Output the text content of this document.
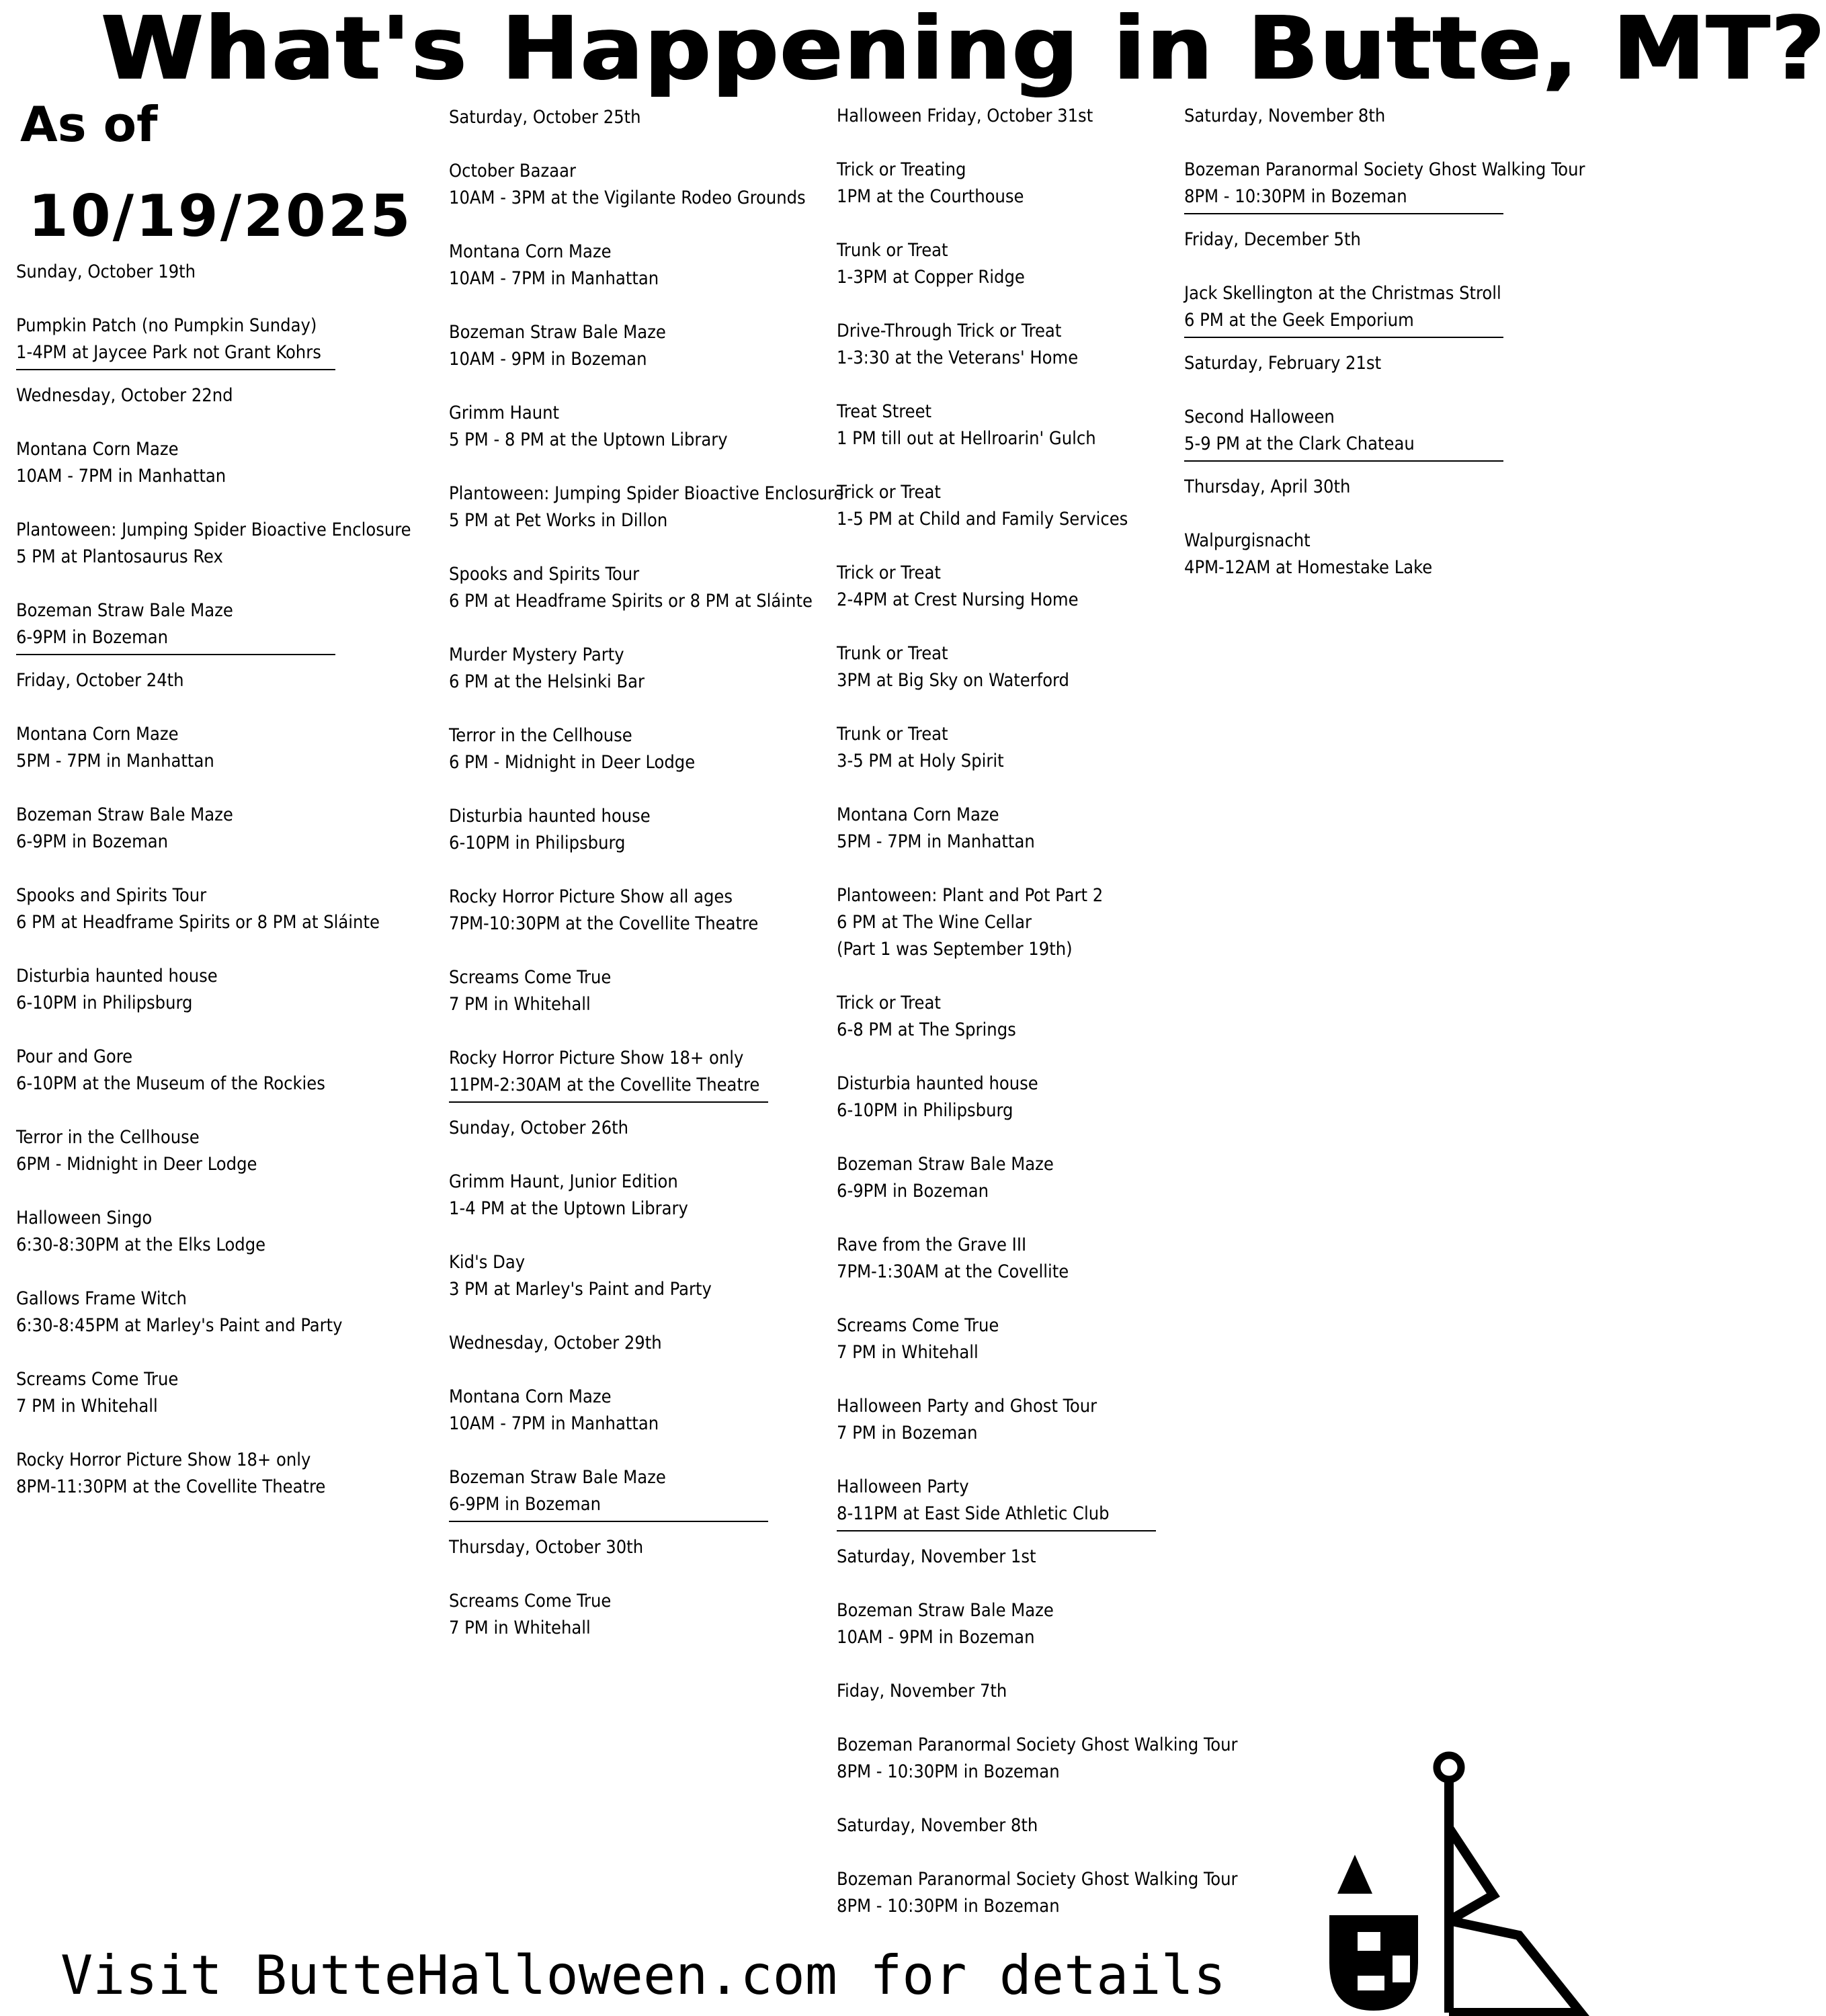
What's Happening in Butte, MT?
As of
10/19/2025
Sunday, October 19th
Pumpkin Patch (no Pumpkin Sunday)
1-4PM at Jaycee Park not Grant Kohrs
Wednesday, October 22nd
Montana Corn Maze
10AM - 7PM in Manhattan
Plantoween: Jumping Spider Bioactive Enclosure
5 PM at Plantosaurus Rex
Bozeman Straw Bale Maze
6-9PM in Bozeman
Friday, October 24th
Montana Corn Maze
5PM - 7PM in Manhattan
Bozeman Straw Bale Maze
6-9PM in Bozeman
Spooks and Spirits Tour
6 PM at Headframe Spirits or 8 PM at Sláinte
Disturbia haunted house
6-10PM in Philipsburg
Pour and Gore
6-10PM at the Museum of the Rockies
Terror in the Cellhouse
6PM - Midnight in Deer Lodge
Halloween Singo
6:30-8:30PM at the Elks Lodge
Gallows Frame Witch
6:30-8:45PM at Marley's Paint and Party
Screams Come True
7 PM in Whitehall
Rocky Horror Picture Show 18+ only
8PM-11:30PM at the Covellite Theatre
Saturday, October 25th
October Bazaar
10AM - 3PM at the Vigilante Rodeo Grounds
Montana Corn Maze
10AM - 7PM in Manhattan
Bozeman Straw Bale Maze
10AM - 9PM in Bozeman
Grimm Haunt
5 PM - 8 PM at the Uptown Library
Plantoween: Jumping Spider Bioactive Enclosure
5 PM at Pet Works in Dillon
Spooks and Spirits Tour
6 PM at Headframe Spirits or 8 PM at Sláinte
Murder Mystery Party
6 PM at the Helsinki Bar
Terror in the Cellhouse
6 PM - Midnight in Deer Lodge
Disturbia haunted house
6-10PM in Philipsburg
Rocky Horror Picture Show all ages
7PM-10:30PM at the Covellite Theatre
Screams Come True
7 PM in Whitehall
Rocky Horror Picture Show 18+ only
11PM-2:30AM at the Covellite Theatre
Sunday, October 26th
Grimm Haunt, Junior Edition
1-4 PM at the Uptown Library
Kid's Day
3 PM at Marley's Paint and Party
Wednesday, October 29th
Montana Corn Maze
10AM - 7PM in Manhattan
Bozeman Straw Bale Maze
6-9PM in Bozeman
Thursday, October 30th
Screams Come True
7 PM in Whitehall
Halloween Friday, October 31st
Trick or Treating
1PM at the Courthouse
Trunk or Treat
1-3PM at Copper Ridge
Drive-Through Trick or Treat
1-3:30 at the Veterans' Home
Treat Street
1 PM till out at Hellroarin' Gulch
Trick or Treat
1-5 PM at Child and Family Services
Trick or Treat
2-4PM at Crest Nursing Home
Trunk or Treat
3PM at Big Sky on Waterford
Trunk or Treat
3-5 PM at Holy Spirit
Montana Corn Maze
5PM - 7PM in Manhattan
Plantoween: Plant and Pot Part 2
6 PM at The Wine Cellar
(Part 1 was September 19th)
Trick or Treat
6-8 PM at The Springs
Disturbia haunted house
6-10PM in Philipsburg
Bozeman Straw Bale Maze
6-9PM in Bozeman
Rave from the Grave III
7PM-1:30AM at the Covellite
Screams Come True
7 PM in Whitehall
Halloween Party and Ghost Tour
7 PM in Bozeman
Halloween Party
8-11PM at East Side Athletic Club
Saturday, November 1st
Bozeman Straw Bale Maze
10AM - 9PM in Bozeman
Fiday, November 7th
Bozeman Paranormal Society Ghost Walking Tour
8PM - 10:30PM in Bozeman
Saturday, November 8th
Bozeman Paranormal Society Ghost Walking Tour
8PM - 10:30PM in Bozeman
Saturday, November 8th
Bozeman Paranormal Society Ghost Walking Tour
8PM - 10:30PM in Bozeman
Friday, December 5th
Jack Skellington at the Christmas Stroll
6 PM at the Geek Emporium
Saturday, February 21st
Second Halloween
5-9 PM at the Clark Chateau
Thursday, April 30th
Walpurgisnacht
4PM-12AM at Homestake Lake
Visit ButteHalloween.com for details
